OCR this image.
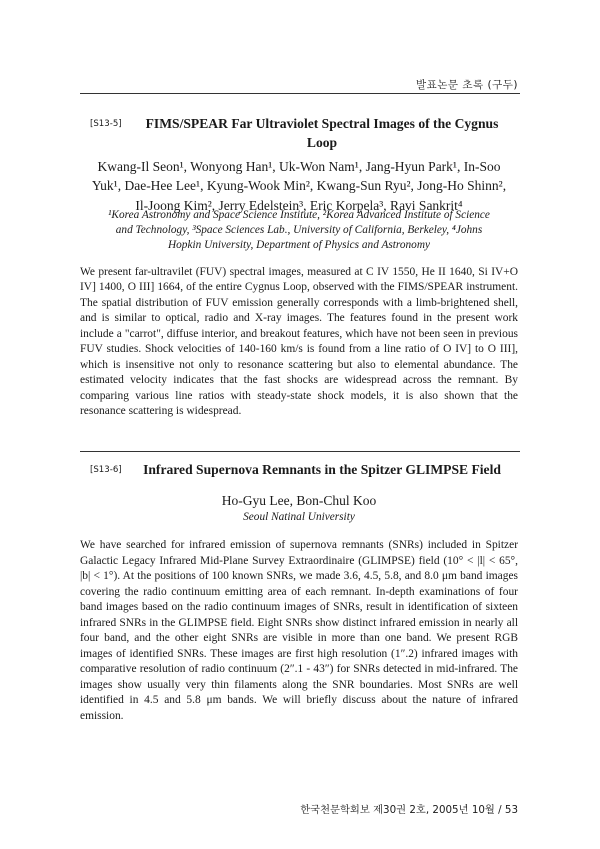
발표논문 초록 (구두)
[S13-5]	FIMS/SPEAR Far Ultraviolet Spectral Images of the Cygnus
Loop
Kwang-Il Seon¹, Wonyong Han¹, Uk-Won Nam¹, Jang-Hyun Park¹, In-Soo
Yuk¹, Dae-Hee Lee¹, Kyung-Wook Min², Kwang-Sun Ryu², Jong-Ho Shinn²,
Il-Joong Kim², Jerry Edelstein³, Eric Korpela³, Ravi Sankrit⁴
¹Korea Astronomy and Space Science Institute, ²Korea Advanced Institute of Science
and Technology, ³Space Sciences Lab., University of California, Berkeley, ⁴Johns
Hopkin University, Department of Physics and Astronomy
We present far-ultravilet (FUV) spectral images, measured at C IV 1550, He II 1640, Si IV+O IV] 1400, O III] 1664, of the entire Cygnus Loop, observed with the FIMS/SPEAR instrument. The spatial distribution of FUV emission generally corresponds with a limb-brightened shell, and is similar to optical, radio and X-ray images. The features found in the present work include a "carrot", diffuse interior, and breakout features, which have not been seen in previous FUV studies. Shock velocities of 140-160 km/s is found from a line ratio of O IV] to O III], which is insensitive not only to resonance scattering but also to elemental abundance. The estimated velocity indicates that the fast shocks are widespread across the remnant. By comparing various line ratios with steady-state shock models, it is also shown that the resonance scattering is widespread.
[S13-6]	Infrared Supernova Remnants in the Spitzer GLIMPSE Field
Ho-Gyu Lee, Bon-Chul Koo
Seoul Natinal University
We have searched for infrared emission of supernova remnants (SNRs) included in Spitzer Galactic Legacy Infrared Mid-Plane Survey Extraordinaire (GLIMPSE) field (10° < |l| < 65°, |b| < 1°). At the positions of 100 known SNRs, we made 3.6, 4.5, 5.8, and 8.0 μm band images covering the radio continuum emitting area of each remnant. In-depth examinations of four band images based on the radio continuum images of SNRs, result in identification of sixteen infrared SNRs in the GLIMPSE field. Eight SNRs show distinct infrared emission in nearly all four band, and the other eight SNRs are visible in more than one band. We present RGB images of identified SNRs. These images are first high resolution (1″.2) infrared images with comparative resolution of radio continuum (2″.1 - 43″) for SNRs detected in mid-infrared. The images show usually very thin filaments along the SNR boundaries. Most SNRs are well identified in 4.5 and 5.8 μm bands. We will briefly discuss about the nature of infrared emission.
한국천문학회보 제30권 2호, 2005년 10월 / 53
